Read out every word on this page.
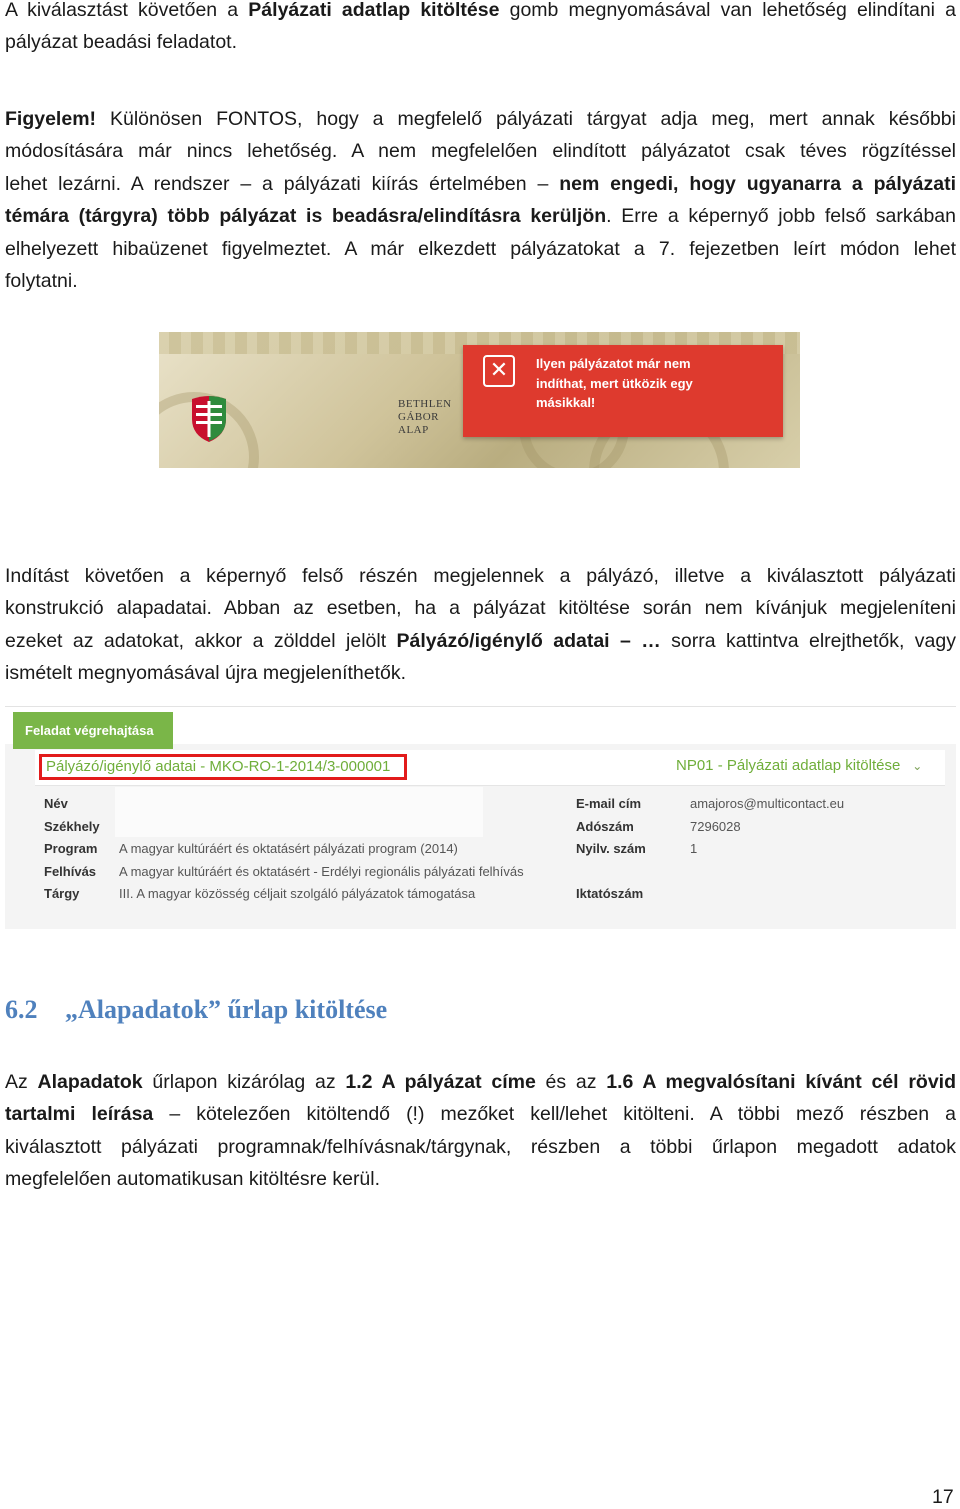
A kiválasztást követően a Pályázati adatlap kitöltése gomb megnyomásával van lehetőség elindítani a
pályázat beadási feladatot.

Figyelem! Különösen FONTOS, hogy a megfelelő pályázati tárgyat adja meg, mert annak későbbi
módosítására már nincs lehetőség. A nem megfelelően elindított pályázatot csak téves rögzítéssel
lehet lezárni. A rendszer – a pályázati kiírás értelmében – nem engedi, hogy ugyanarra a pályázati
témára (tárgyra) több pályázat is beadásra/elindításra kerüljön. Erre a képernyő jobb felső sarkában
elhelyezett hibaüzenet figyelmeztet. A már elkezdett pályázatokat a 7. fejezetben leírt módon lehet
folytatni.

BETHLEN
GÁBOR
ALAP
✕	Ilyen pályázatot már nem
indíthat, mert ütközik egy
másikkal!

Indítást követően a képernyő felső részén megjelennek a pályázó, illetve a kiválasztott pályázati
konstrukció alapadatai. Abban az esetben, ha a pályázat kitöltése során nem kívánjuk megjeleníteni
ezeket az adatokat, akkor a zölddel jelölt Pályázó/igénylő adatai – … sorra kattintva elrejthetők, vagy
ismételt megnyomásával újra megjeleníthetők.

Feladat végrehajtása
Pályázó/igénylő adatai - MKO-RO-1-2014/3-000001	NP01 - Pályázati adatlap kitöltése ⌄
Név
Székhely
Program
Felhívás
Tárgy
A magyar kultúráért és oktatásért pályázati program (2014)
A magyar kultúráért és oktatásért - Erdélyi regionális pályázati felhívás
III. A magyar közösség céljait szolgáló pályázatok támogatása
E-mail cím
Adószám
Nyilv. szám
Iktatószám
amajoros@multicontact.eu
7296028
1
6.2 „Alapadatok” űrlap kitöltése

Az Alapadatok űrlapon kizárólag az 1.2 A pályázat címe és az 1.6 A megvalósítani kívánt cél rövid
tartalmi leírása – kötelezően kitöltendő (!) mezőket kell/lehet kitölteni. A többi mező részben a
kiválasztott pályázati programnak/felhívásnak/tárgynak, részben a többi űrlapon megadott adatok
megfelelően automatikusan kitöltésre kerül.

17
